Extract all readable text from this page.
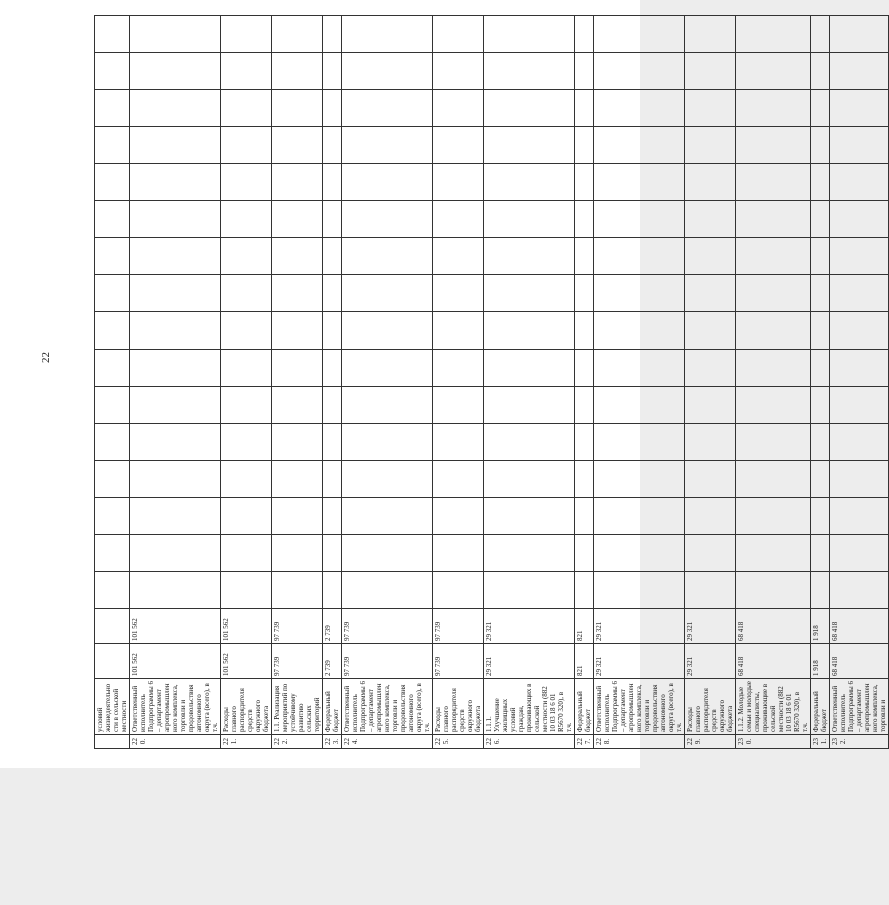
22
	условий жизнедеятельности в сельской местности																		
220.	Ответственный исполнитель Подпрограммы 6 – департамент агропромышленного комплекса, торговли и продовольствия автономного округа (всего), в т.ч.	101 562	101 562																
221.	Расходы главного распорядителя средств окружного бюджета	101 562	101 562																
222.	1.1. Реализация мероприятий по устойчивому развитию сельских территорий	97 739	97 739																
223.	Федеральный бюджет	2 739	2 739																
224.	Ответственный исполнитель Подпрограммы 6 – департамент агропромышленного комплекса, торговли и продовольствия автономного округа (всего), в т.ч.	97 739	97 739																
225.	Расходы главного распорядителя средств окружного бюджета	97 739	97 739																
226.	1.1.1. Улучшение жилищных условий граждан, проживающих в сельской местности (882 10 03 18 6 01 R5670 320), в т.ч.	29 321	29 321																
227.	Федеральный бюджет	821	821																
228.	Ответственный исполнитель Подпрограммы 6 – департамент агропромышленного комплекса, торговли и продовольствия автономного округа (всего), в т.ч.	29 321	29 321																
229.	Расходы главного распорядителя средств окружного бюджета	29 321	29 321																
230.	1.1.2. Молодые семьи и молодые специалисты, проживающие в сельской местности (882 10 03 18 6 01 R5670 320), в т.ч.	68 418	68 418																
231.	Федеральный бюджет	1 918	1 918																
232.	Ответственный исполнитель Подпрограммы 6 – департамент агропромышленного комплекса, торговли и	68 418	68 418																
